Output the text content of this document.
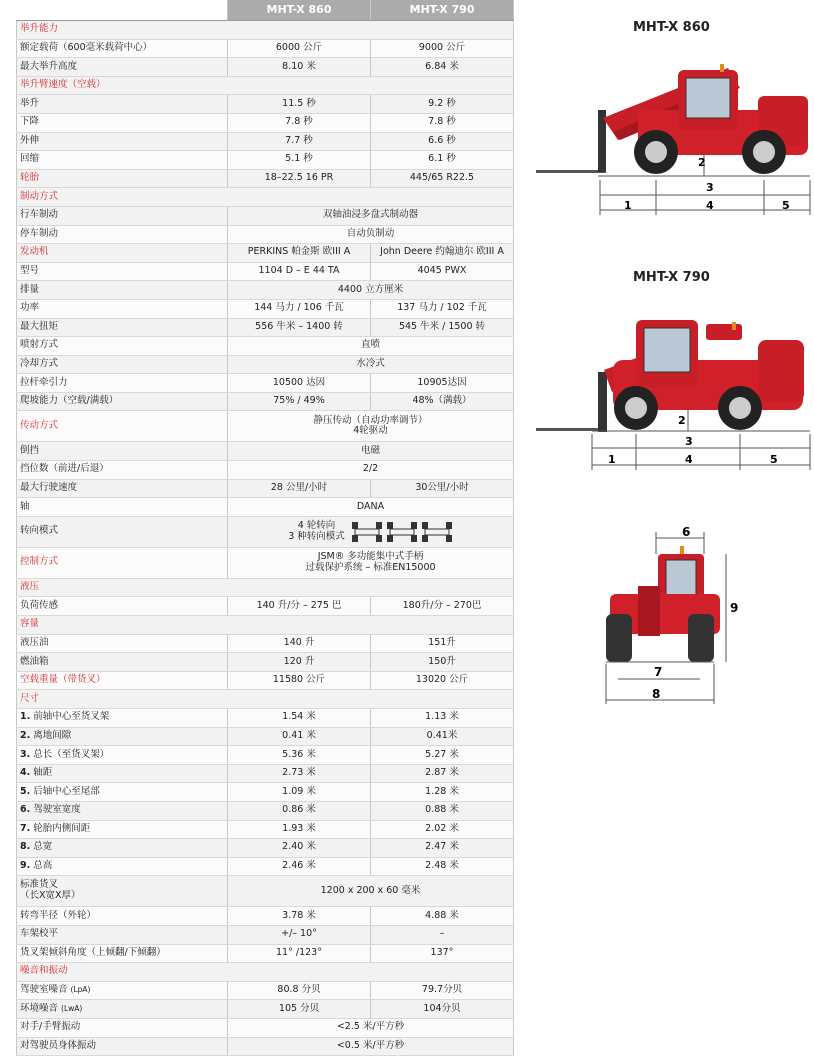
	MHT-X 860	MHT-X 790
举升能力		
额定载荷（600毫米载荷中心）	6000 公斤	9000 公斤
最大举升高度	8.10 米	6.84 米
举升臂速度（空载）		
举升	11.5 秒	9.2 秒
下降	7.8 秒	7.8 秒
外伸	7.7 秒	6.6 秒
回缩	5.1 秒	6.1 秒
轮胎	18–22.5 16 PR	445/65 R22.5
制动方式		
行车制动	双轴油浸多盘式制动器	
停车制动	自动负制动	
发动机	PERKINS 帕金斯 欧III A	John Deere 约翰迪尔 欧III A
型号	1104 D – E 44 TA	4045 PWX
排量	4400 立方厘米	
功率	144 马力 / 106 千瓦	137 马力 / 102 千瓦
最大扭矩	556 牛米 – 1400 转	545 牛米 / 1500 转
喷射方式	直喷	
冷却方式	水冷式	
拉杆牵引力	10500 达因	10905达因
爬坡能力（空载/满载）	75% / 49%	48%（满载）
传动方式	静压传动（自动功率调节）
4轮驱动	
倒挡	电磁	
挡位数（前进/后退）	2/2	
最大行驶速度	28 公里/小时	30公里/小时
轴	DANA	
转向模式	4 轮转向
3 种转向模式	

控制方式	JSM® 多功能集中式手柄
过载保护系统 – 标准EN15000	
液压		
负荷传感	140 升/分 – 275 巴	180升/分 – 270巴
容量		
液压油	140 升	151升
燃油箱	120 升	150升
空载重量（带货叉）	11580 公斤	13020 公斤
尺寸		
1. 前轴中心至货叉架	1.54 米	1.13 米
2. 离地间隙	0.41 米	0.41米
3. 总长（至货叉架）	5.36 米	5.27 米
4. 轴距	2.73 米	2.87 米
5. 后轴中心至尾部	1.09 米	1.28 米
6. 驾驶室宽度	0.86 米	0.88 米
7. 轮胎内侧间距	1.93 米	2.02 米
8. 总宽	2.40 米	2.47 米
9. 总高	2.46 米	2.48 米
标准货叉
（长X宽X厚）	1200 x 200 x 60 毫米	
转弯半径（外轮）	3.78 米	4.88 米
车架校平	+/– 10°	–
货叉架倾斜角度（上倾翻/下倾翻）	11° /123°	137°
噪音和振动		
驾驶室噪音 (LpA)	80.8 分贝	79.7分贝
环境噪音 (LwA)	105 分贝	104分贝
对手/手臂振动	<2.5 米/平方秒	
对驾驶员身体振动	<0.5 米/平方秒	
MHT-X 860
2
3
1	4	5
MHT-X 790
2
3
1	4	5
6
9
7
8
